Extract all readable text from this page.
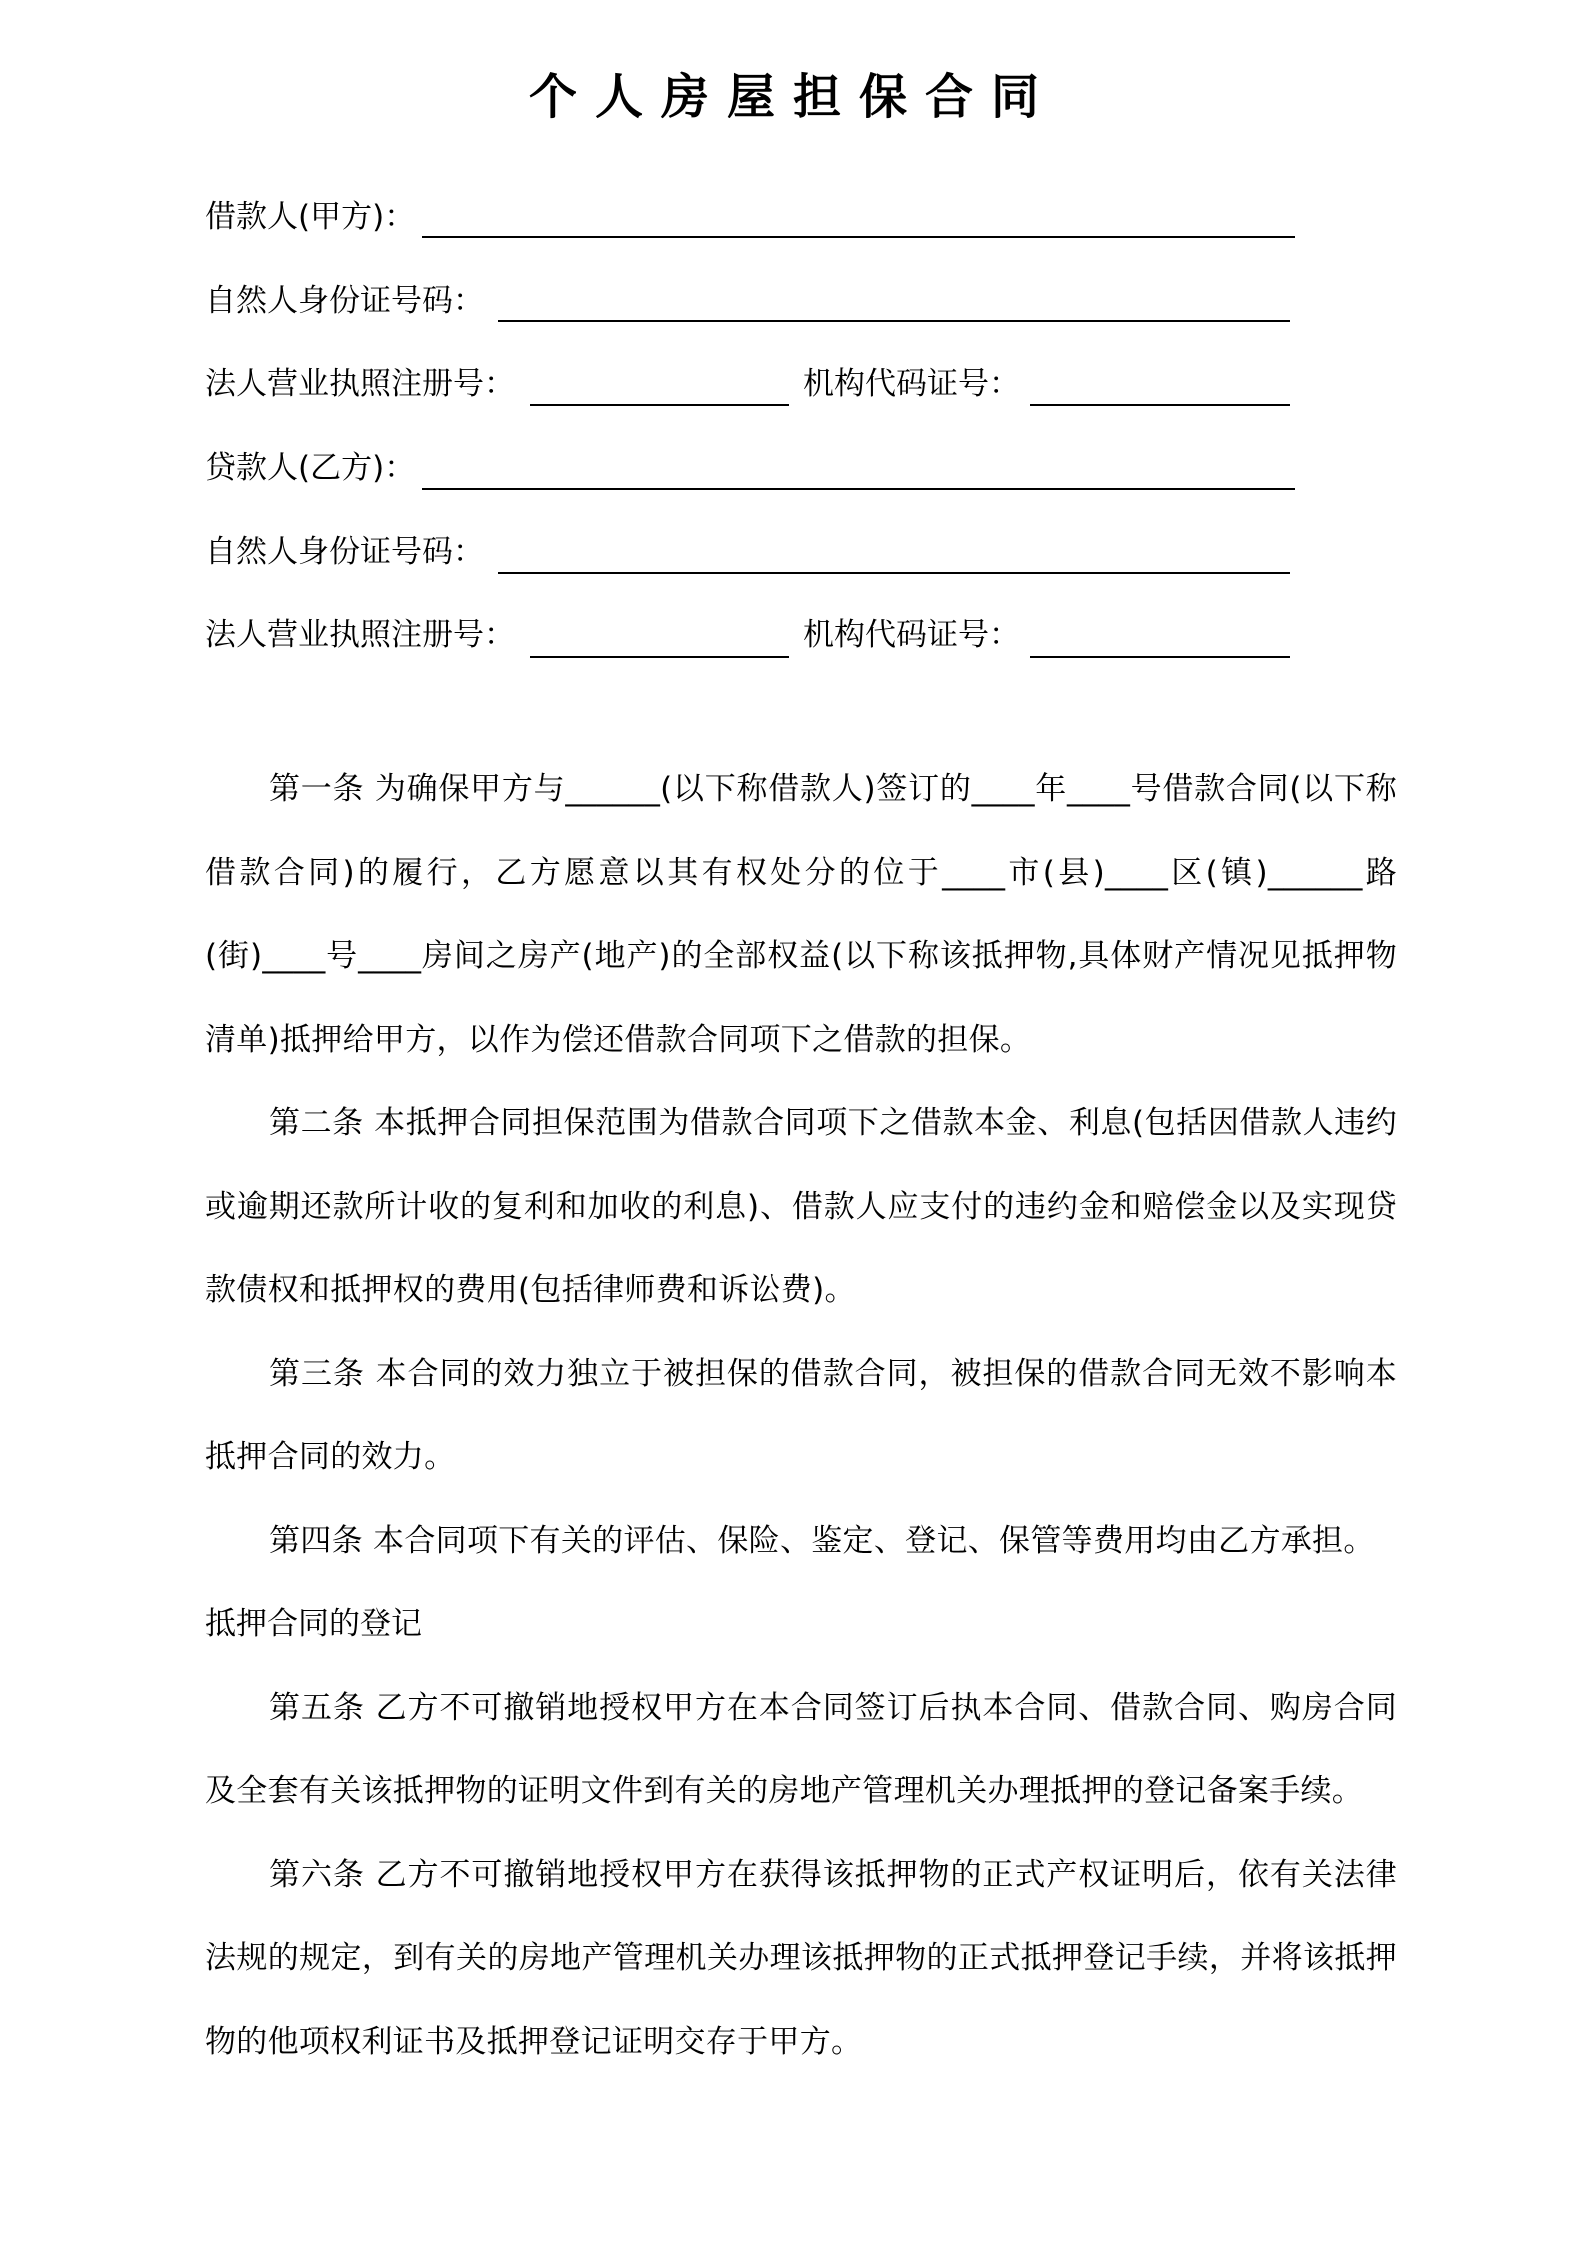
个人房屋担保合同
借款人(甲方)：
自然人身份证号码：
法人营业执照注册号：	机构代码证号：
贷款人(乙方)：
自然人身份证号码：
法人营业执照注册号：	机构代码证号：

第一条 为确保甲方与______(以下称借款人)签订的____年____号借款合同(以下称借款合同)的履行，乙方愿意以其有权处分的位于____市(县)____区(镇)______路(街)____号____房间之房产(地产)的全部权益(以下称该抵押物,具体财产情况见抵押物清单)抵押给甲方，以作为偿还借款合同项下之借款的担保。

第二条 本抵押合同担保范围为借款合同项下之借款本金、利息(包括因借款人违约或逾期还款所计收的复利和加收的利息)、借款人应支付的违约金和赔偿金以及实现贷款债权和抵押权的费用(包括律师费和诉讼费)。

第三条 本合同的效力独立于被担保的借款合同，被担保的借款合同无效不影响本抵押合同的效力。

第四条 本合同项下有关的评估、保险、鉴定、登记、保管等费用均由乙方承担。

抵押合同的登记

第五条 乙方不可撤销地授权甲方在本合同签订后执本合同、借款合同、购房合同及全套有关该抵押物的证明文件到有关的房地产管理机关办理抵押的登记备案手续。

第六条 乙方不可撤销地授权甲方在获得该抵押物的正式产权证明后，依有关法律法规的规定，到有关的房地产管理机关办理该抵押物的正式抵押登记手续，并将该抵押物的他项权利证书及抵押登记证明交存于甲方。
